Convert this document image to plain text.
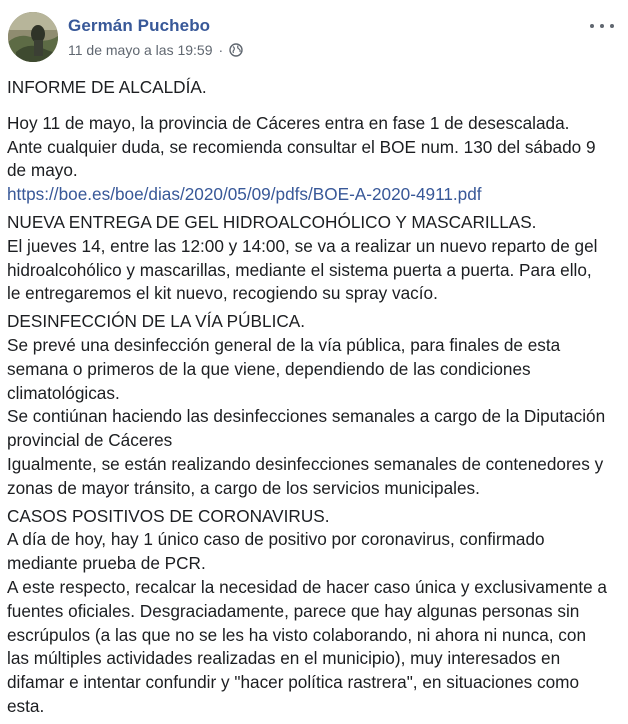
Germán Puchebo
11 de mayo a las 19:59 ·

INFORME DE ALCALDÍA.

Hoy 11 de mayo, la provincia de Cáceres entra en fase 1 de desescalada.

Ante cualquier duda, se recomienda consultar el BOE num. 130 del sábado 9

de mayo.

https://boe.es/boe/dias/2020/05/09/pdfs/BOE-A-2020-4911.pdf

NUEVA ENTREGA DE GEL HIDROALCOHÓLICO Y MASCARILLAS.

El jueves 14, entre las 12:00 y 14:00, se va a realizar un nuevo reparto de gel

hidroalcohólico y mascarillas, mediante el sistema puerta a puerta. Para ello,

le entregaremos el kit nuevo, recogiendo su spray vacío.

DESINFECCIÓN DE LA VÍA PÚBLICA.

Se prevé una desinfección general de la vía pública, para finales de esta

semana o primeros de la que viene, dependiendo de las condiciones

climatológicas.

Se contiúnan haciendo las desinfecciones semanales a cargo de la Diputación

provincial de Cáceres

Igualmente, se están realizando desinfecciones semanales de contenedores y

zonas de mayor tránsito, a cargo de los servicios municipales.

CASOS POSITIVOS DE CORONAVIRUS.

A día de hoy, hay 1 único caso de positivo por coronavirus, confirmado

mediante prueba de PCR.

A este respecto, recalcar la necesidad de hacer caso única y exclusivamente a

fuentes oficiales. Desgraciadamente, parece que hay algunas personas sin

escrúpulos (a las que no se les ha visto colaborando, ni ahora ni nunca, con

las múltiples actividades realizadas en el municipio), muy interesados en

difamar e intentar confundir y "hacer política rastrera", en situaciones como

esta.
